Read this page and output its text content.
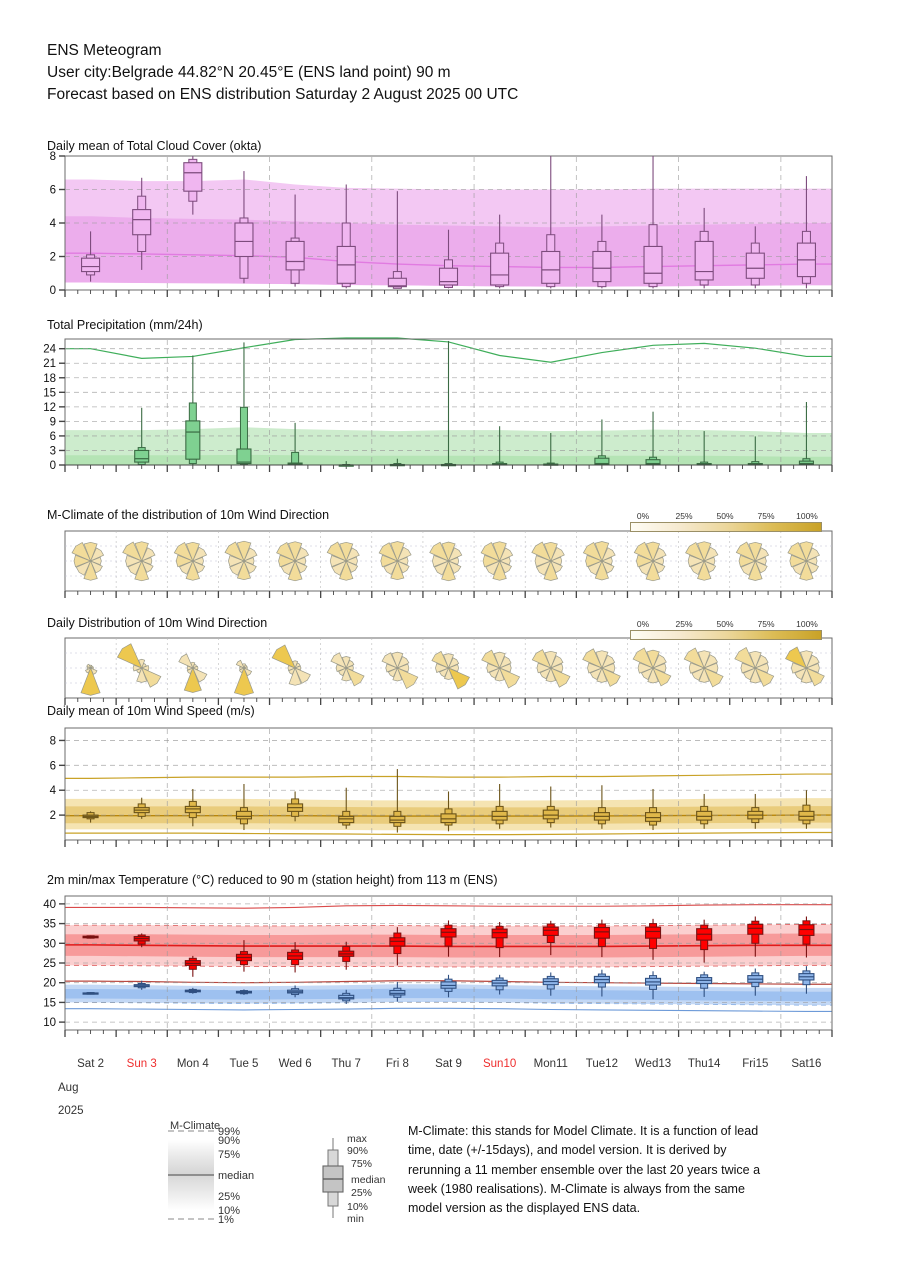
ENS Meteogram
User city:Belgrade 44.82°N 20.45°E (ENS land point) 90 m
Forecast based on ENS distribution Saturday 2 August 2025 00 UTC
Daily mean of Total Cloud Cover (okta)
Total Precipitation (mm/24h)
M-Climate of the distribution of 10m Wind Direction
Daily Distribution of 10m Wind Direction
Daily mean of 10m Wind Speed (m/s)
2m min/max Temperature (°C) reduced to 90 m (station height) from 113 m (ENS)
0
2
4
6
8
0
3
6
9
12
15
18
21
24
2
4
6
8
10
15
20
25
30
35
40
0%	25%	50%	75%	100%
0%	25%	50%	75%	100%
Sat 2	Sun 3	Mon 4	Tue 5	Wed 6	Thu 7	Fri 8	Sat 9	Sun10	Mon11	Tue12	Wed13	Thu14	Fri15	Sat16
Aug
2025
M-Climate
99%
90%
75%
median
25%
10%
1%
max
90%
75%
median
25%
10%
min
M-Climate: this stands for Model Climate. It is a function of lead time, date (+/-15days), and model version. It is derived by rerunning a 11 member ensemble over the last 20 years twice a week (1980 realisations). M-Climate is always from the same model version as the displayed ENS data.
